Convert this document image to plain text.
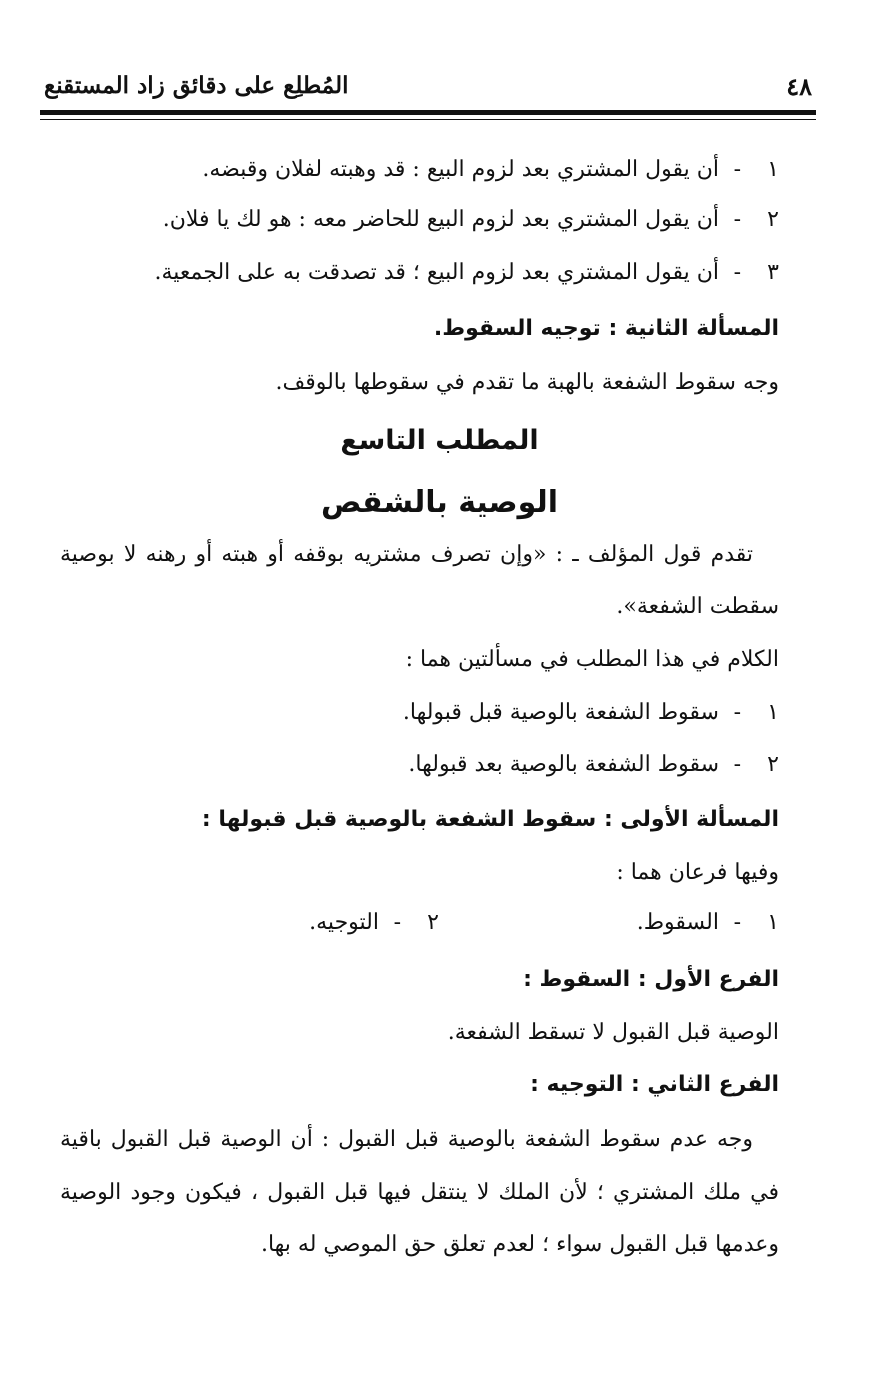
٤٨
المُطلِع على دقائق زاد المستقنع
١-أن يقول المشتري بعد لزوم البيع : قد وهبته لفلان وقبضه.
٢-أن يقول المشتري بعد لزوم البيع للحاضر معه : هو لك يا فلان.
٣-أن يقول المشتري بعد لزوم البيع ؛ قد تصدقت به على الجمعية.
المسألة الثانية : توجيه السقوط.
وجه سقوط الشفعة بالهبة ما تقدم في سقوطها بالوقف.
المطلب التاسع
الوصية بالشقص
تقدم قول المؤلف ـ : «وإن تصرف مشتريه بوقفه أو هبته أو رهنه لا بوصية
سقطت الشفعة».
الكلام في هذا المطلب في مسألتين هما :
١-سقوط الشفعة بالوصية قبل قبولها.
٢-سقوط الشفعة بالوصية بعد قبولها.
المسألة الأولى : سقوط الشفعة بالوصية قبل قبولها :
وفيها فرعان هما :
١-السقوط.
٢-التوجيه.
الفرع الأول : السقوط :
الوصية قبل القبول لا تسقط الشفعة.
الفرع الثاني : التوجيه :
وجه عدم سقوط الشفعة بالوصية قبل القبول : أن الوصية قبل القبول باقية
في ملك المشتري ؛ لأن الملك لا ينتقل فيها قبل القبول ، فيكون وجود الوصية
وعدمها قبل القبول سواء ؛ لعدم تعلق حق الموصي له بها.
